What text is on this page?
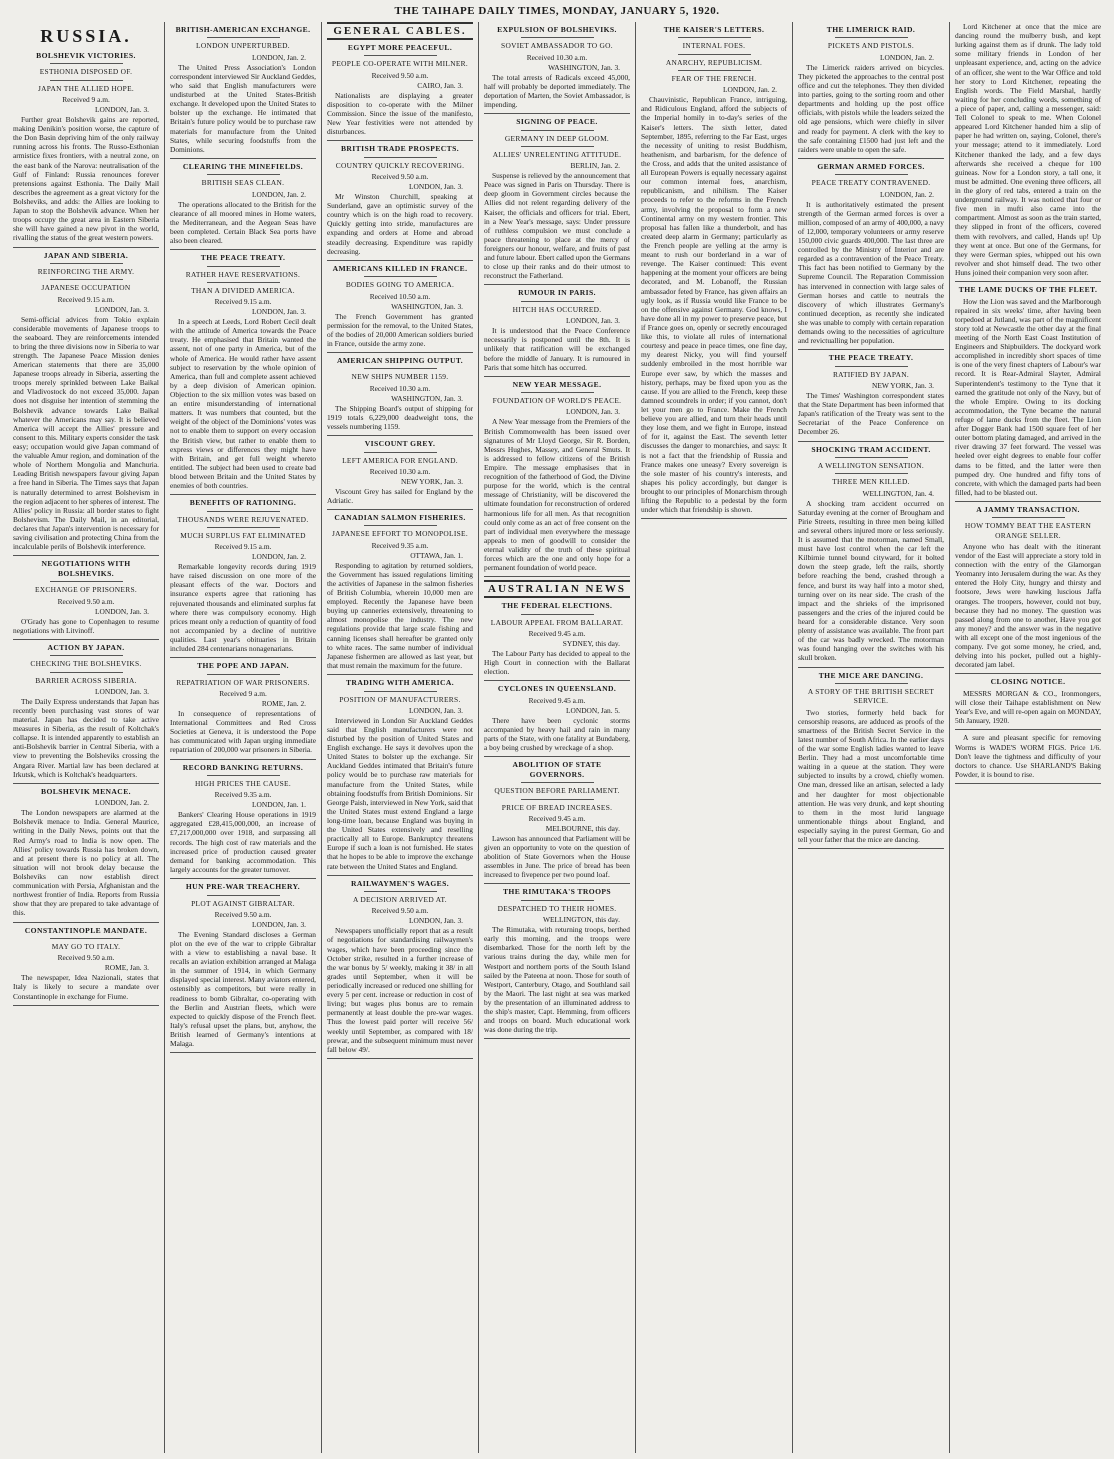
THE TAIHAPE DAILY TIMES, MONDAY, JANUARY 5, 1920.
RUSSIA.
BOLSHEVIK VICTORIES.
ESTHONIA DISPOSED OF.
JAPAN THE ALLIED HOPE.
Received 9 a.m.
LONDON, Jan. 3.

Further great Bolshevik gains are reported, making Denikin's position worse, the capture of the Don Basin depriving him of the only railway running across his fronts. The Russo-Esthonian armistice fixes frontiers, with a neutral zone, on the east bank of the Narova: neutralisation of the Gulf of Finland: Russia renounces forever pretensions against Esthonia. The Daily Mail describes the agreement as a great victory for the Bolsheviks, and adds: the Allies are looking to Japan to stop the Bolshevik advance. When her troops occupy the great area in Eastern Siberia she will have gained a new pivot in the world, rivalling the status of the great western powers.

JAPAN AND SIBERIA.
REINFORCING THE ARMY.
JAPANESE OCCUPATION
Received 9.15 a.m.
LONDON, Jan. 3.

Semi-official advices from Tokio explain considerable movements of Japanese troops to the seaboard. They are reinforcements intended to bring the three divisions now in Siberia to war strength. The Japanese Peace Mission denies American statements that there are 35,000 Japanese troops already in Siberia, asserting the troops merely sprinkled between Lake Baikal and Vladivostock do not exceed 35,000. Japan does not disguise her intention of stemming the Bolshevik advance towards Lake Baikal whatever the Americans may say. It is believed America will accept the Allies' pressure and consent to this. Military experts consider the task easy; occupation would give Japan command of the valuable Amur region, and domination of the whole of Northern Mongolia and Manchuria. Leading British newspapers favour giving Japan a free hand in Siberia. The Times says that Japan is naturally determined to arrest Bolshevism in the region adjacent to her spheres of interest. The Allies' policy in Russia: all border states to fight Bolshevism. The Daily Mail, in an editorial, declares that Japan's intervention is necessary for saving civilisation and protecting China from the incalculable perils of Bolshevik interference.

NEGOTIATIONS WITH BOLSHEVIKS.
EXCHANGE OF PRISONERS.
Received 9.50 a.m.
LONDON, Jan. 3.

O'Grady has gone to Copenhagen to resume negotiations with Litvinoff.

ACTION BY JAPAN.
CHECKING THE BOLSHEVIKS.
BARRIER ACROSS SIBERIA.
LONDON, Jan. 3.

The Daily Express understands that Japan has recently been purchasing vast stores of war material. Japan has decided to take active measures in Siberia, as the result of Koltchak's collapse. It is intended apparently to establish an anti-Bolshevik barrier in Central Siberia, with a view to preventing the Bolsheviks crossing the Angara River. Martial law has been declared at Irkutsk, which is Koltchak's headquarters.

BOLSHEVIK MENACE.
LONDON, Jan. 2.

The London newspapers are alarmed at the Bolshevik menace to India. General Maurice, writing in the Daily News, points out that the Red Army's road to India is now open. The Allies' policy towards Russia has broken down, and at present there is no policy at all. The situation will not brook delay because the Bolsheviks can now establish direct communication with Persia, Afghanistan and the northwest frontier of India. Reports from Russia show that they are prepared to take advantage of this.

CONSTANTINOPLE MANDATE.
MAY GO TO ITALY.
Received 9.50 a.m.
ROME, Jan. 3.

The newspaper, Idea Nazionali, states that Italy is likely to secure a mandate over Constantinople in exchange for Fiume.

BRITISH-AMERICAN EXCHANGE.
LONDON UNPERTURBED.
LONDON, Jan. 2.

The United Press Association's London correspondent interviewed Sir Auckland Geddes, who said that English manufacturers were undisturbed at the United States-British exchange. It developed upon the United States to bolster up the exchange. He intimated that Britain's future policy would be to purchase raw materials for manufacture from the United States, while securing foodstuffs from the Dominions.

CLEARING THE MINEFIELDS.
BRITISH SEAS CLEAN.
LONDON, Jan. 2.

The operations allocated to the British for the clearance of all moored mines in Home waters, the Mediterranean, and the Aegean Seas have been completed. Certain Black Sea ports have also been cleared.

THE PEACE TREATY.
RATHER HAVE RESERVATIONS.
THAN A DIVIDED AMERICA.
Received 9.15 a.m.
LONDON, Jan. 3.

In a speech at Leeds, Lord Robert Cecil dealt with the attitude of America towards the Peace treaty. He emphasised that Britain wanted the assent, not of one party in America, but of the whole of America. He would rather have assent subject to reservation by the whole opinion of America, than full and complete assent achieved by a deep division of American opinion. Objection to the six million votes was based on an entire misunderstanding of international matters. It was numbers that counted, but the weight of the object of the Dominions' votes was not to enable them to support on every occasion the British view, but rather to enable them to express views or differences they might have with Britain, and get full weight whereto entitled. The subject had been used to create bad blood between Britain and the United States by enemies of both countries.

BENEFITS OF RATIONING.
THOUSANDS WERE REJUVENATED.
MUCH SURPLUS FAT ELIMINATED
Received 9.15 a.m.
LONDON, Jan. 2.

Remarkable longevity records during 1919 have raised discussion on one more of the pleasant effects of the war. Doctors and insurance experts agree that rationing has rejuvenated thousands and eliminated surplus fat where there was compulsory economy. High prices meant only a reduction of quantity of food not accompanied by a decline of nutritive qualities. Last year's obituaries in Britain included 284 centenarians nonagenarians.

THE POPE AND JAPAN.
REPATRIATION OF WAR PRISONERS.
Received 9 a.m.
ROME, Jan. 2.

In consequence of representations of International Committees and Red Cross Societies at Geneva, it is understood the Pope has communicated with Japan urging immediate repatriation of 200,000 war prisoners in Siberia.

RECORD BANKING RETURNS.
HIGH PRICES THE CAUSE.
Received 9.35 a.m.
LONDON, Jan. 1.

Bankers' Clearing House operations in 1919 aggregated £28,415,000,000, an increase of £7,217,000,000 over 1918, and surpassing all records. The high cost of raw materials and the increased price of production caused greater demand for banking accommodation. This largely accounts for the greater turnover.

HUN PRE-WAR TREACHERY.
PLOT AGAINST GIBRALTAR.
Received 9.50 a.m.
LONDON, Jan. 3.

The Evening Standard discloses a German plot on the eve of the war to cripple Gibraltar with a view to establishing a naval base. It recalls an aviation exhibition arranged at Malaga in the summer of 1914, in which Germany displayed special interest. Many aviators entered, ostensibly as competitors, but were really in readiness to bomb Gibraltar, co-operating with the Berlin and Austrian fleets, which were expected to quickly dispose of the French fleet. Italy's refusal upset the plans, but, anyhow, the British learned of Germany's intentions at Malaga.

GENERAL CABLES.
EGYPT MORE PEACEFUL.
PEOPLE CO-OPERATE WITH MILNER.
Received 9.50 a.m.
CAIRO, Jan. 3.

Nationalists are displaying a greater disposition to co-operate with the Milner Commission. Since the issue of the manifesto, New Year festivities were not attended by disturbances.

BRITISH TRADE PROSPECTS.
COUNTRY QUICKLY RECOVERING.
Received 9.50 a.m.
LONDON, Jan. 3.

Mr Winston Churchill, speaking at Sunderland, gave an optimistic survey of the country which is on the high road to recovery. Quickly getting into stride, manufactures are expanding and orders at Home and abroad steadily decreasing. Expenditure was rapidly decreasing.

AMERICANS KILLED IN FRANCE.
BODIES GOING TO AMERICA.
Received 10.50 a.m.
WASHINGTON, Jan. 3.

The French Government has granted permission for the removal, to the United States, of the bodies of 20,000 American soldiers buried in France, outside the army zone.

AMERICAN SHIPPING OUTPUT.
NEW SHIPS NUMBER 1159.
Received 10.30 a.m.
WASHINGTON, Jan. 3.

The Shipping Board's output of shipping for 1919 totals 6,229,000 deadweight tons, the vessels numbering 1159.

VISCOUNT GREY.
LEFT AMERICA FOR ENGLAND.
Received 10.30 a.m.
NEW YORK, Jan. 3.

Viscount Grey has sailed for England by the Adriatic.

CANADIAN SALMON FISHERIES.
JAPANESE EFFORT TO MONOPOLISE.
Received 9.35 a.m.
OTTAWA, Jan. 1.

Responding to agitation by returned soldiers, the Government has issued regulations limiting the activities of Japanese in the salmon fisheries of British Columbia, wherein 10,000 men are employed. Recently the Japanese have been buying up canneries extensively, threatening to almost monopolise the industry. The new regulations provide that large scale fishing and canning licenses shall hereafter be granted only to white races. The same number of individual Japanese fishermen are allowed as last year, but that must remain the maximum for the future.

TRADING WITH AMERICA.
POSITION OF MANUFACTURERS.
LONDON, Jan. 3.

Interviewed in London Sir Auckland Geddes said that English manufacturers were not disturbed by the position of United States and English exchange. He says it devolves upon the United States to bolster up the exchange. Sir Auckland Geddes intimated that Britain's future policy would be to purchase raw materials for manufacture from the United States, while obtaining foodstuffs from British Dominions. Sir George Paish, interviewed in New York, said that the United States must extend England a large long-time loan, because England was buying in the United States extensively and reselling practically all to Europe. Bankruptcy threatens Europe if such a loan is not furnished. He states that he hopes to be able to improve the exchange rate between the United States and England.

RAILWAYMEN'S WAGES.
A DECISION ARRIVED AT.
Received 9.50 a.m.
LONDON, Jan. 3.

Newspapers unofficially report that as a result of negotiations for standardising railwaymen's wages, which have been proceeding since the October strike, resulted in a further increase of the war bonus by 5/ weekly, making it 38/ in all grades until September, when it will be periodically increased or reduced one shilling for every 5 per cent. increase or reduction in cost of living; but wages plus bonus are to remain permanently at least double the pre-war wages. Thus the lowest paid porter will receive 56/ weekly until September, as compared with 18/ prewar, and the subsequent minimum must never fall below 49/.

EXPULSION OF BOLSHEVIKS.
SOVIET AMBASSADOR TO GO.
Received 10.30 a.m.
WASHINGTON, Jan. 3.

The total arrests of Radicals exceed 45,000, half will probably be deported immediately. The deportation of Marten, the Soviet Ambassador, is impending.

SIGNING OF PEACE.
GERMANY IN DEEP GLOOM.
ALLIES' UNRELENTING ATTITUDE.
BERLIN, Jan. 2.

Suspense is relieved by the announcement that Peace was signed in Paris on Thursday. There is deep gloom in Government circles because the Allies did not relent regarding delivery of the Kaiser, the officials and officers for trial. Ebert, in a New Year's message, says: Under pressure of ruthless compulsion we must conclude a peace threatening to place at the mercy of foreigners our honour, welfare, and fruits of past and future labour. Ebert called upon the Germans to close up their ranks and do their utmost to reconstruct the Fatherland.

RUMOUR IN PARIS.
HITCH HAS OCCURRED.
LONDON, Jan. 3.

It is understood that the Peace Conference necessarily is postponed until the 8th. It is unlikely that ratification will be exchanged before the middle of January. It is rumoured in Paris that some hitch has occurred.

NEW YEAR MESSAGE.
FOUNDATION OF WORLD'S PEACE.
LONDON, Jan. 3.

A New Year message from the Premiers of the British Commonwealth has been issued over signatures of Mr Lloyd George, Sir R. Borden, Messrs Hughes, Massey, and General Smuts. It is addressed to fellow citizens of the British Empire. The message emphasises that in recognition of the fatherhood of God, the Divine purpose for the world, which is the central message of Christianity, will be discovered the ultimate foundation for reconstruction of ordered harmonious life for all men. As that recognition could only come as an act of free consent on the part of individual men everywhere the message appeals to men of goodwill to consider the eternal validity of the truth of these spiritual forces which are the one and only hope for a permanent foundation of world peace.

AUSTRALIAN NEWS
THE FEDERAL ELECTIONS.
LABOUR APPEAL FROM BALLARAT.
Received 9.45 a.m.
SYDNEY, this day.

The Labour Party has decided to appeal to the High Court in connection with the Ballarat election.

CYCLONES IN QUEENSLAND.
Received 9.45 a.m.
LONDON, Jan. 5.

There have been cyclonic storms accompanied by heavy hail and rain in many parts of the State, with one fatality at Bundaberg, a boy being crushed by wreckage of a shop.

ABOLITION OF STATE GOVERNORS.
QUESTION BEFORE PARLIAMENT.
PRICE OF BREAD INCREASES.
Received 9.45 a.m.
MELBOURNE, this day.

Lawson has announced that Parliament will be given an opportunity to vote on the question of abolition of State Governors when the House assembles in June. The price of bread has been increased to fivepence per two pound loaf.

THE RIMUTAKA'S TROOPS
DESPATCHED TO THEIR HOMES.
WELLINGTON, this day.

The Rimutaka, with returning troops, berthed early this morning, and the troops were disembarked. Those for the north left by the various trains during the day, while men for Westport and northern ports of the South Island sailed by the Pateena at noon. Those for south of Westport, Canterbury, Otago, and Southland sail by the Maori. The last night at sea was marked by the presentation of an illuminated address to the ship's master, Capt. Hemming, from officers and troops on board. Much educational work was done during the trip.

THE KAISER'S LETTERS.
INTERNAL FOES.
ANARCHY, REPUBLICISM.
FEAR OF THE FRENCH.
LONDON, Jan. 2.

Chauvinistic, Republican France, intriguing, and Ridiculous England, afford the subjects of the Imperial homily in to-day's series of the Kaiser's letters. The sixth letter, dated September, 1895, referring to the Far East, urges the necessity of uniting to resist Buddhism, heathenism, and barbarism, for the defence of the Cross, and adds that the united assistance of all European Powers is equally necessary against our common internal foes, anarchism, republicanism, and nihilism. The Kaiser proceeds to refer to the reforms in the French army, involving the proposal to form a new Continental army on my western frontier. This proposal has fallen like a thunderbolt, and has created deep alarm in Germany; particularly as the French people are yelling at the army is meant to rush our borderland in a war of revenge. The Kaiser continued: This event happening at the moment your officers are being decorated, and M. Lobanoff, the Russian ambassador feted by France, has given affairs an ugly look, as if Russia would like France to be on the offensive against Germany. God knows, I have done all in my power to preserve peace, but if France goes on, openly or secretly encouraged like this, to violate all rules of international courtesy and peace in peace times, one fine day, my dearest Nicky, you will find yourself suddenly embroiled in the most horrible war Europe ever saw, by which the masses and history, perhaps, may be fixed upon you as the cause. If you are allied to the French, keep these damned scoundrels in order; if you cannot, don't let your men go to France. Make the French believe you are allied, and turn their heads until they lose them, and we fight in Europe, instead of for it, against the East. The seventh letter discusses the danger to monarchies, and says: It is not a fact that the friendship of Russia and France makes one uneasy? Every sovereign is the sole master of his country's interests, and shapes his policy accordingly, but danger is brought to our principles of Monarchism through lifting the Republic to a pedestal by the form under which that friendship is shown.

THE LIMERICK RAID.
PICKETS AND PISTOLS.
LONDON, Jan. 2.

The Limerick raiders arrived on bicycles. They picketed the approaches to the central post office and cut the telephones. They then divided into parties, going to the sorting room and other departments and holding up the post office officials, with pistols while the leaders seized the old age pensions, which were chiefly in silver and ready for payment. A clerk with the key to the safe containing £1500 had just left and the raiders were unable to open the safe.

GERMAN ARMED FORCES.
PEACE TREATY CONTRAVENED.
LONDON, Jan. 2.

It is authoritatively estimated the present strength of the German armed forces is over a million, composed of an army of 400,000, a navy of 12,000, temporary volunteers or army reserve 150,000 civic guards 400,000. The last three are controlled by the Ministry of Interior and are regarded as a contravention of the Peace Treaty. This fact has been notified to Germany by the Supreme Council. The Reparation Commission has intervened in connection with large sales of German horses and cattle to neutrals the discovery of which illustrates Germany's continued deception, as recently she indicated she was unable to comply with certain reparation demands owing to the necessities of agriculture and revictualling her population.

THE PEACE TREATY.
RATIFIED BY JAPAN.
NEW YORK, Jan. 3.

The Times' Washington correspondent states that the State Department has been informed that Japan's ratification of the Treaty was sent to the Secretariat of the Peace Conference on December 26.

SHOCKING TRAM ACCIDENT.
A WELLINGTON SENSATION.
THREE MEN KILLED.
WELLINGTON, Jan. 4.

A shocking tram accident occurred on Saturday evening at the corner of Brougham and Pirie Streets, resulting in three men being killed and several others injured more or less seriously. It is assumed that the motorman, named Small, must have lost control when the car left the Kilbirnie tunnel bound cityward, for it bolted down the steep grade, left the rails, shortly before reaching the bend, crashed through a fence, and burst its way half into a motor shed, turning over on its near side. The crash of the impact and the shrieks of the imprisoned passengers and the cries of the injured could be heard for a considerable distance. Very soon plenty of assistance was available. The front part of the car was badly wrecked. The motorman was found hanging over the switches with his skull broken.

THE MICE ARE DANCING.
A STORY OF THE BRITISH SECRET SERVICE.

Two stories, formerly held back for censorship reasons, are adduced as proofs of the smartness of the British Secret Service in the latest number of South Africa. In the earlier days of the war some English ladies wanted to leave Berlin. They had a most uncomfortable time waiting in a queue at the station. They were subjected to insults by a crowd, chiefly women. One man, dressed like an artisan, selected a lady and her daughter for most objectionable attention. He was very drunk, and kept shouting to them in the most lurid language unmentionable things about England, and especially saying in the purest German, Go and tell your father that the mice are dancing.

Lord Kitchener at once that the mice are dancing round the mulberry bush, and kept lurking against them as if drunk. The lady told some military friends in London of her unpleasant experience, and, acting on the advice of an officer, she went to the War Office and told her story to Lord Kitchener, repeating the English words. The Field Marshal, hardly waiting for her concluding words, something of a piece of paper, and, calling a messenger, said: Tell Colonel to speak to me. When Colonel appeared Lord Kitchener handed him a slip of paper he had written on, saying, Colonel, there's your message; attend to it immediately. Lord Kitchener thanked the lady, and a few days afterwards she received a cheque for 100 guineas. Now for a London story, a tall one, it must be admitted. One evening three officers, all in the glory of red tabs, entered a train on the underground railway. It was noticed that four or five men in mufti also came into the compartment. Almost as soon as the train started, they slipped in front of the officers, covered them with revolvers, and called, Hands up! Up they went at once. But one of the Germans, for they were German spies, whipped out his own revolver and shot himself dead. The two other Huns joined their companion very soon after.

THE LAME DUCKS OF THE FLEET.

How the Lion was saved and the Marlborough repaired in six weeks' time, after having been torpedoed at Jutland, was part of the magnificent story told at Newcastle the other day at the final meeting of the North East Coast Institution of Engineers and Shipbuilders. The dockyard work accomplished in incredibly short spaces of time is one of the very finest chapters of Labour's war record. It is Rear-Admiral Slayter, Admiral Superintendent's testimony to the Tyne that it earned the gratitude not only of the Navy, but of the whole Empire. Owing to its docking accommodation, the Tyne became the natural refuge of lame ducks from the fleet. The Lion after Dogger Bank had 1500 square feet of her outer bottom plating damaged, and arrived in the river drawing 37 feet forward. The vessel was heeled over eight degrees to enable four coffer dams to be fitted, and the latter were then pumped dry. One hundred and fifty tons of concrete, with which the damaged parts had been filled, had to be blasted out.

A JAMMY TRANSACTION.
HOW TOMMY BEAT THE EASTERN ORANGE SELLER.

Anyone who has dealt with the itinerant vendor of the East will appreciate a story told in connection with the entry of the Glamorgan Yeomanry into Jerusalem during the war. As they entered the Holy City, hungry and thirsty and footsore, Jews were hawking luscious Jaffa oranges. The troopers, however, could not buy, because they had no money. The question was passed along from one to another, Have you got any money? and the answer was in the negative with all except one of the most ingenious of the company. I've got some money, he cried, and, delving into his pocket, pulled out a highly-decorated jam label.

CLOSING NOTICE.

MESSRS MORGAN & CO., Ironmongers, will close their Taihape establishment on New Year's Eve, and will re-open again on MONDAY, 5th January, 1920.

A sure and pleasant specific for removing Worms is WADE'S WORM FIGS. Price 1/6. Don't leave the tightness and difficulty of your doctors to chance. Use SHARLAND'S Baking Powder, it is bound to rise.
